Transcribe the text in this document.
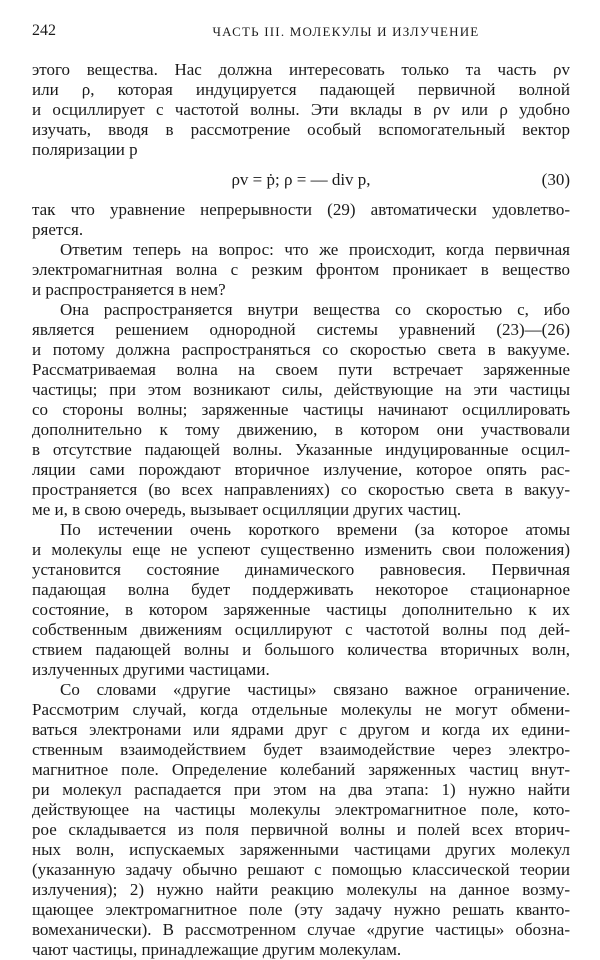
242	ЧАСТЬ III. МОЛЕКУЛЫ И ИЗЛУЧЕНИЕ
этого вещества. Нас должна интересовать только та часть ρv
или ρ, которая индуцируется падающей первичной волной
и осциллирует с частотой волны. Эти вклады в ρv или ρ удобно
изучать, вводя в рассмотрение особый вспомогательный вектор
поляризации p
ρv = ṗ; ρ = — div p,	(30)
так что уравнение непрерывности (29) автоматически удовлетво-
ряется.
Ответим теперь на вопрос: что же происходит, когда первичная
электромагнитная волна с резким фронтом проникает в вещество
и распространяется в нем?
Она распространяется внутри вещества со скоростью c, ибо
является решением однородной системы уравнений (23)—(26)
и потому должна распространяться со скоростью света в вакууме.
Рассматриваемая волна на своем пути встречает заряженные
частицы; при этом возникают силы, действующие на эти частицы
со стороны волны; заряженные частицы начинают осциллировать
дополнительно к тому движению, в котором они участвовали
в отсутствие падающей волны. Указанные индуцированные осцил-
ляции сами порождают вторичное излучение, которое опять рас-
пространяется (во всех направлениях) со скоростью света в вакуу-
ме и, в свою очередь, вызывает осцилляции других частиц.
По истечении очень короткого времени (за которое атомы
и молекулы еще не успеют существенно изменить свои положения)
установится состояние динамического равновесия. Первичная
падающая волна будет поддерживать некоторое стационарное
состояние, в котором заряженные частицы дополнительно к их
собственным движениям осциллируют с частотой волны под дей-
ствием падающей волны и большого количества вторичных волн,
излученных другими частицами.
Со словами «другие частицы» связано важное ограничение.
Рассмотрим случай, когда отдельные молекулы не могут обмени-
ваться электронами или ядрами друг с другом и когда их едини-
ственным взаимодействием будет взаимодействие через электро-
магнитное поле. Определение колебаний заряженных частиц внут-
ри молекул распадается при этом на два этапа: 1) нужно найти
действующее на частицы молекулы электромагнитное поле, кото-
рое складывается из поля первичной волны и полей всех вторич-
ных волн, испускаемых заряженными частицами других молекул
(указанную задачу обычно решают с помощью классической теории
излучения); 2) нужно найти реакцию молекулы на данное возму-
щающее электромагнитное поле (эту задачу нужно решать кванто-
вомеханически). В рассмотренном случае «другие частицы» обозна-
чают частицы, принадлежащие другим молекулам.
